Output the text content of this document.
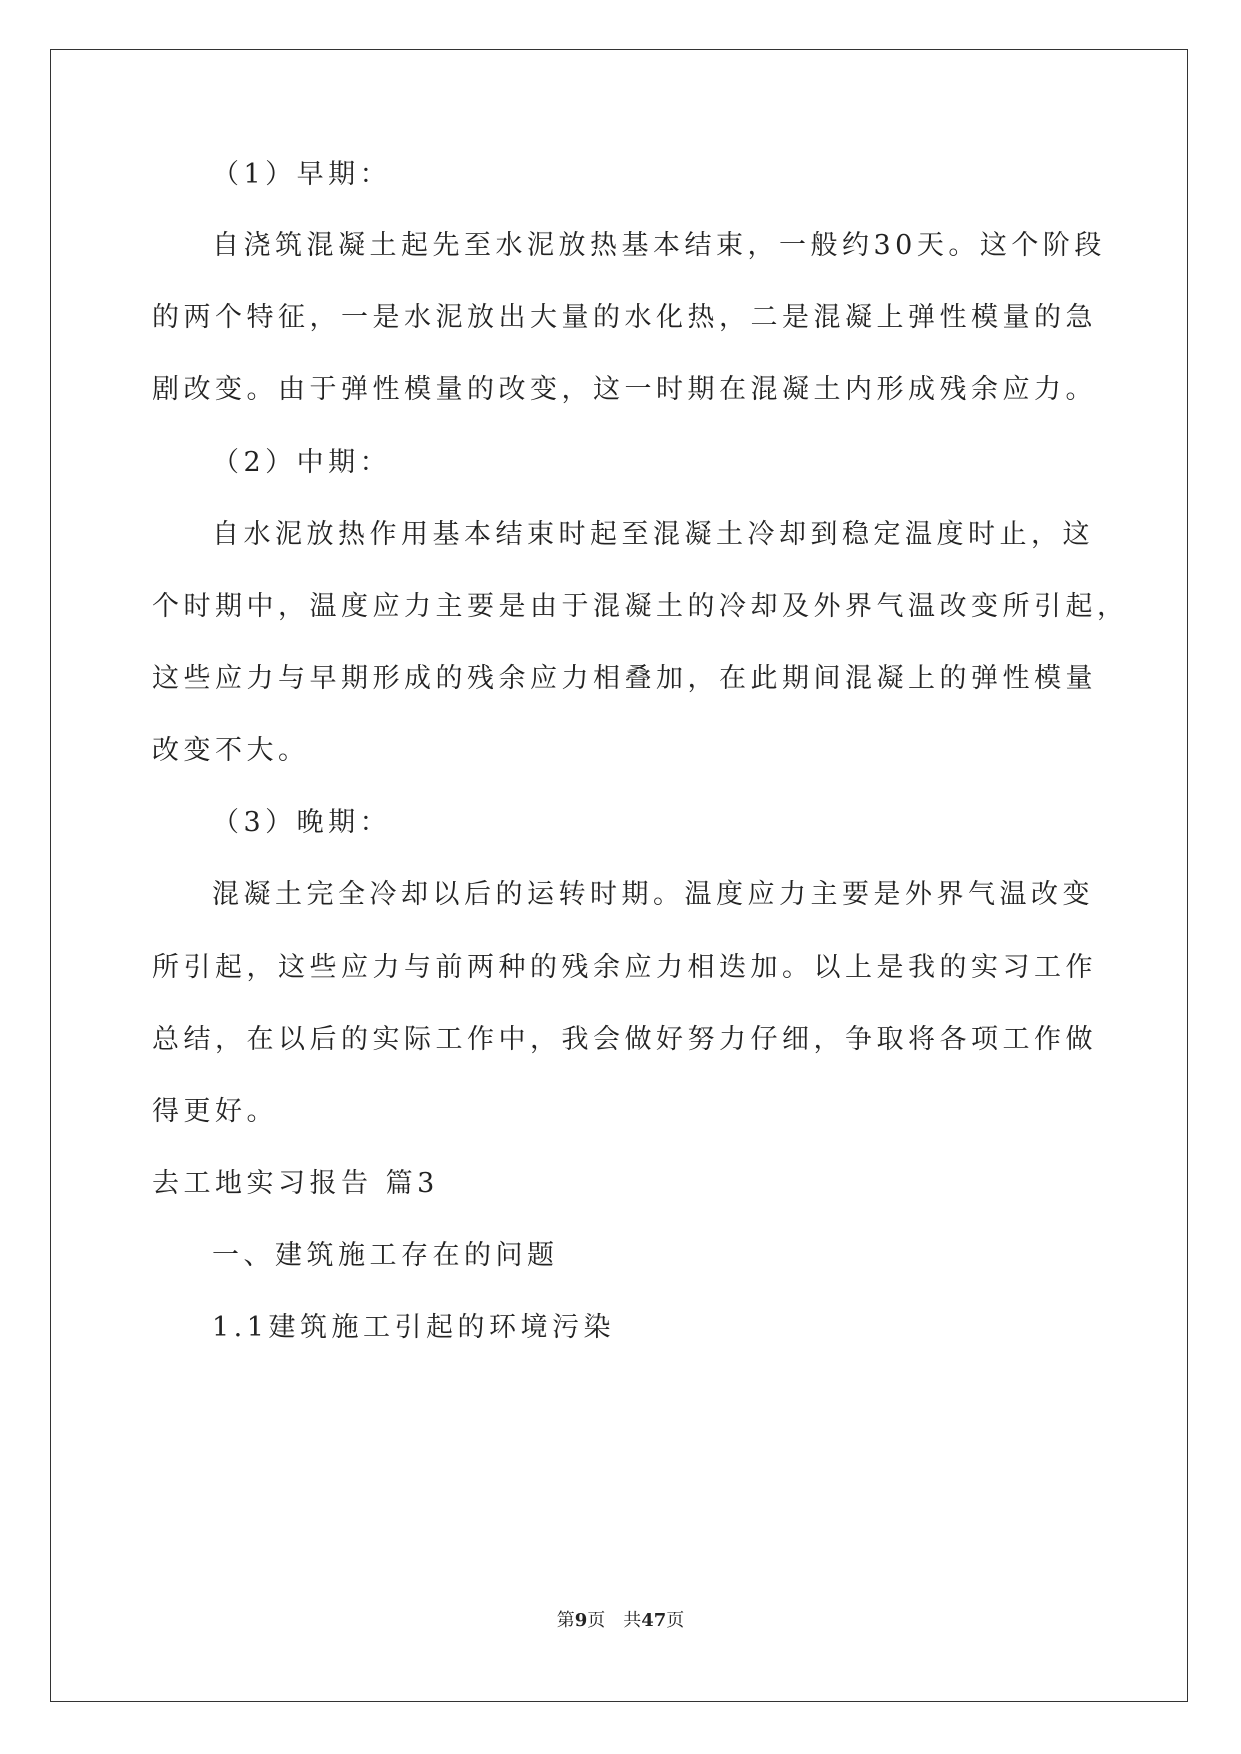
（1）早期：
自浇筑混凝土起先至水泥放热基本结束，一般约30天。这个阶段
的两个特征，一是水泥放出大量的水化热，二是混凝上弹性模量的急
剧改变。由于弹性模量的改变，这一时期在混凝土内形成残余应力。
（2）中期：
自水泥放热作用基本结束时起至混凝土冷却到稳定温度时止，这
个时期中，温度应力主要是由于混凝土的冷却及外界气温改变所引起，
这些应力与早期形成的残余应力相叠加，在此期间混凝上的弹性模量
改变不大。
（3）晚期：
混凝土完全冷却以后的运转时期。温度应力主要是外界气温改变
所引起，这些应力与前两种的残余应力相迭加。以上是我的实习工作
总结，在以后的实际工作中，我会做好努力仔细，争取将各项工作做
得更好。
去工地实习报告 篇3
一、建筑施工存在的问题
1.1建筑施工引起的环境污染
第9页　共47页
